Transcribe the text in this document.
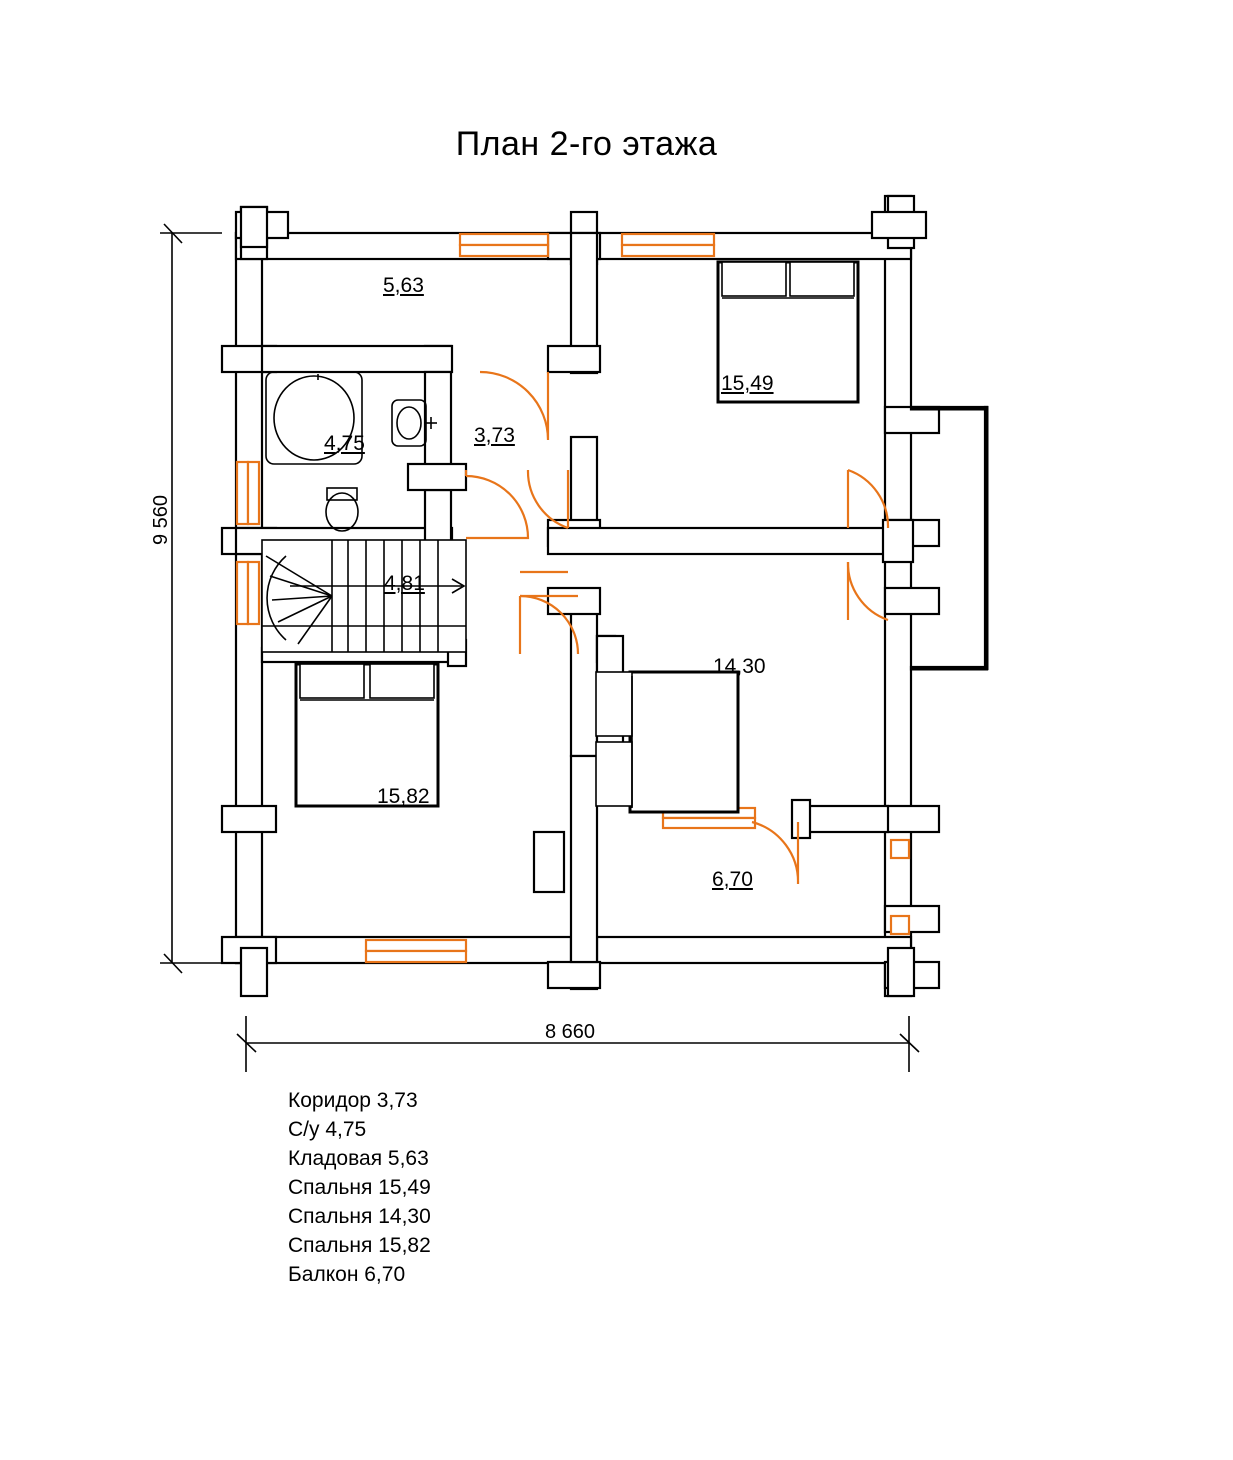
План 2-го этажа
5,63
4,75	3,73
15,49
4,81
14,30
15,82
6,70
9 560
8 660
Коридор 3,73
С/у 4,75
Кладовая 5,63
Спальня 15,49
Спальня 14,30
Спальня 15,82
Балкон 6,70
